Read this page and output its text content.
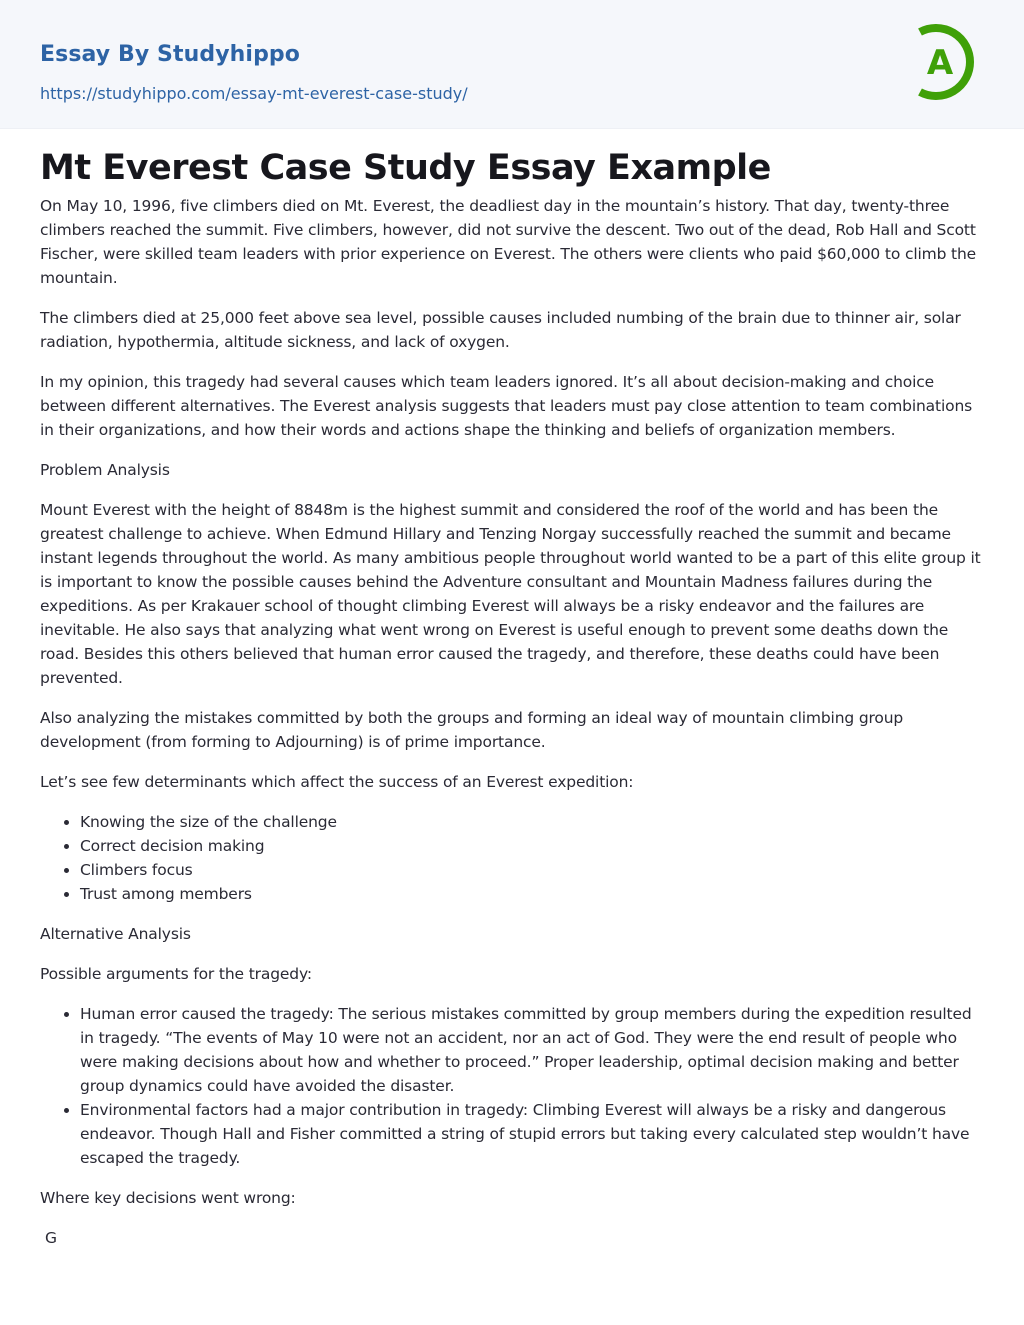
Essay By Studyhippo
https://studyhippo.com/essay-mt-everest-case-study/
A
Mt Everest Case Study Essay Example

On May 10, 1996, five climbers died on Mt. Everest, the deadliest day in the mountain’s history. That day, twenty-three climbers reached the summit. Five climbers, however, did not survive the descent. Two out of the dead, Rob Hall and Scott Fischer, were skilled team leaders with prior experience on Everest. The others were clients who paid $60,000 to climb the mountain.

The climbers died at 25,000 feet above sea level, possible causes included numbing of the brain due to thinner air, solar radiation, hypothermia, altitude sickness, and lack of oxygen.

In my opinion, this tragedy had several causes which team leaders ignored. It’s all about decision-making and choice between different alternatives. The Everest analysis suggests that leaders must pay close attention to team combinations in their organizations, and how their words and actions shape the thinking and beliefs of organization members.

Problem Analysis

Mount Everest with the height of 8848m is the highest summit and considered the roof of the world and has been the greatest challenge to achieve. When Edmund Hillary and Tenzing Norgay successfully reached the summit and became instant legends throughout the world. As many ambitious people throughout world wanted to be a part of this elite group it is important to know the possible causes behind the Adventure consultant and Mountain Madness failures during the expeditions. As per Krakauer school of thought climbing Everest will always be a risky endeavor and the failures are inevitable. He also says that analyzing what went wrong on Everest is useful enough to prevent some deaths down the road. Besides this others believed that human error caused the tragedy, and therefore, these deaths could have been prevented.

Also analyzing the mistakes committed by both the groups and forming an ideal way of mountain climbing group development (from forming to Adjourning) is of prime importance.

Let’s see few determinants which affect the success of an Everest expedition:

• Knowing the size of the challenge
• Correct decision making
• Climbers focus
• Trust among members

Alternative Analysis

Possible arguments for the tragedy:

• Human error caused the tragedy: The serious mistakes committed by group members during the expedition resulted in tragedy. “The events of May 10 were not an accident, nor an act of God. They were the end result of people who were making decisions about how and whether to proceed.” Proper leadership, optimal decision making and better group dynamics could have avoided the disaster.
• Environmental factors had a major contribution in tragedy: Climbing Everest will always be a risky and dangerous endeavor. Though Hall and Fisher committed a string of stupid errors but taking every calculated step wouldn’t have escaped the tragedy.

Where key decisions went wrong:

G
